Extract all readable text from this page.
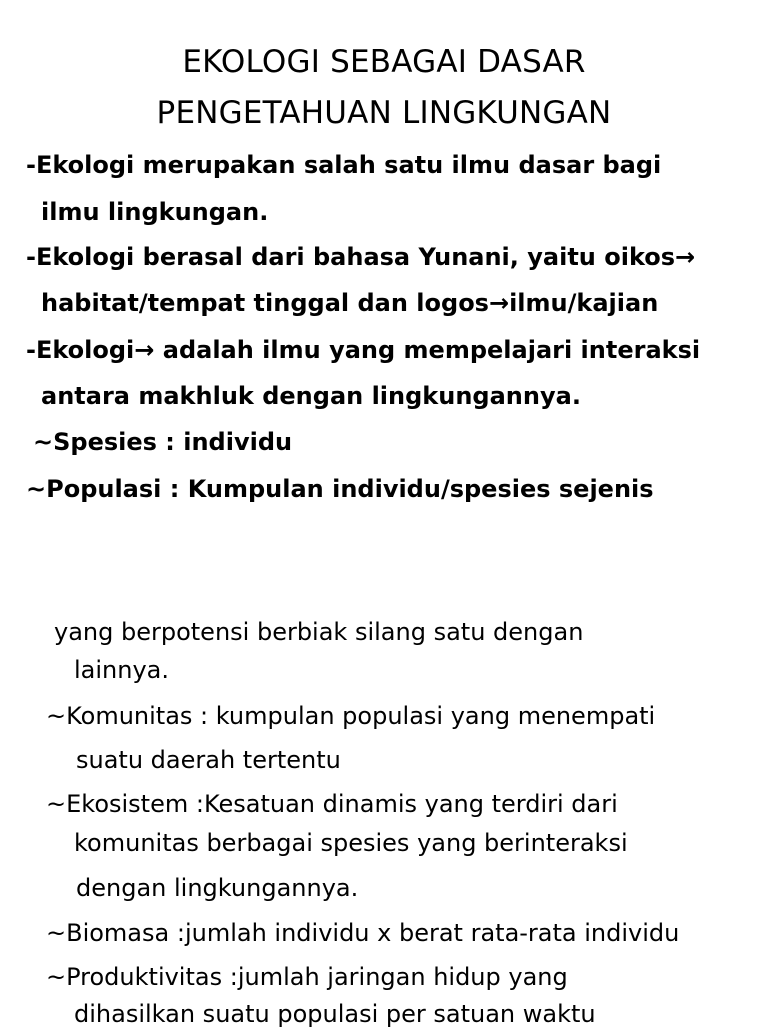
EKOLOGI SEBAGAI DASAR
PENGETAHUAN LINGKUNGAN
-Ekologi merupakan salah satu ilmu dasar bagi
ilmu lingkungan.
-Ekologi berasal dari bahasa Yunani, yaitu oikos→
habitat/tempat tinggal dan logos→ilmu/kajian
-Ekologi→ adalah ilmu yang mempelajari interaksi
antara makhluk dengan lingkungannya.
~Spesies : individu
~Populasi : Kumpulan individu/spesies sejenis
yang berpotensi berbiak silang satu dengan
lainnya.
~Komunitas : kumpulan populasi yang menempati
suatu daerah tertentu
~Ekosistem :Kesatuan dinamis yang terdiri dari
komunitas berbagai spesies yang berinteraksi
dengan lingkungannya.
~Biomasa :jumlah individu x berat rata-rata individu
~Produktivitas :jumlah jaringan hidup yang
dihasilkan suatu populasi per satuan waktu
